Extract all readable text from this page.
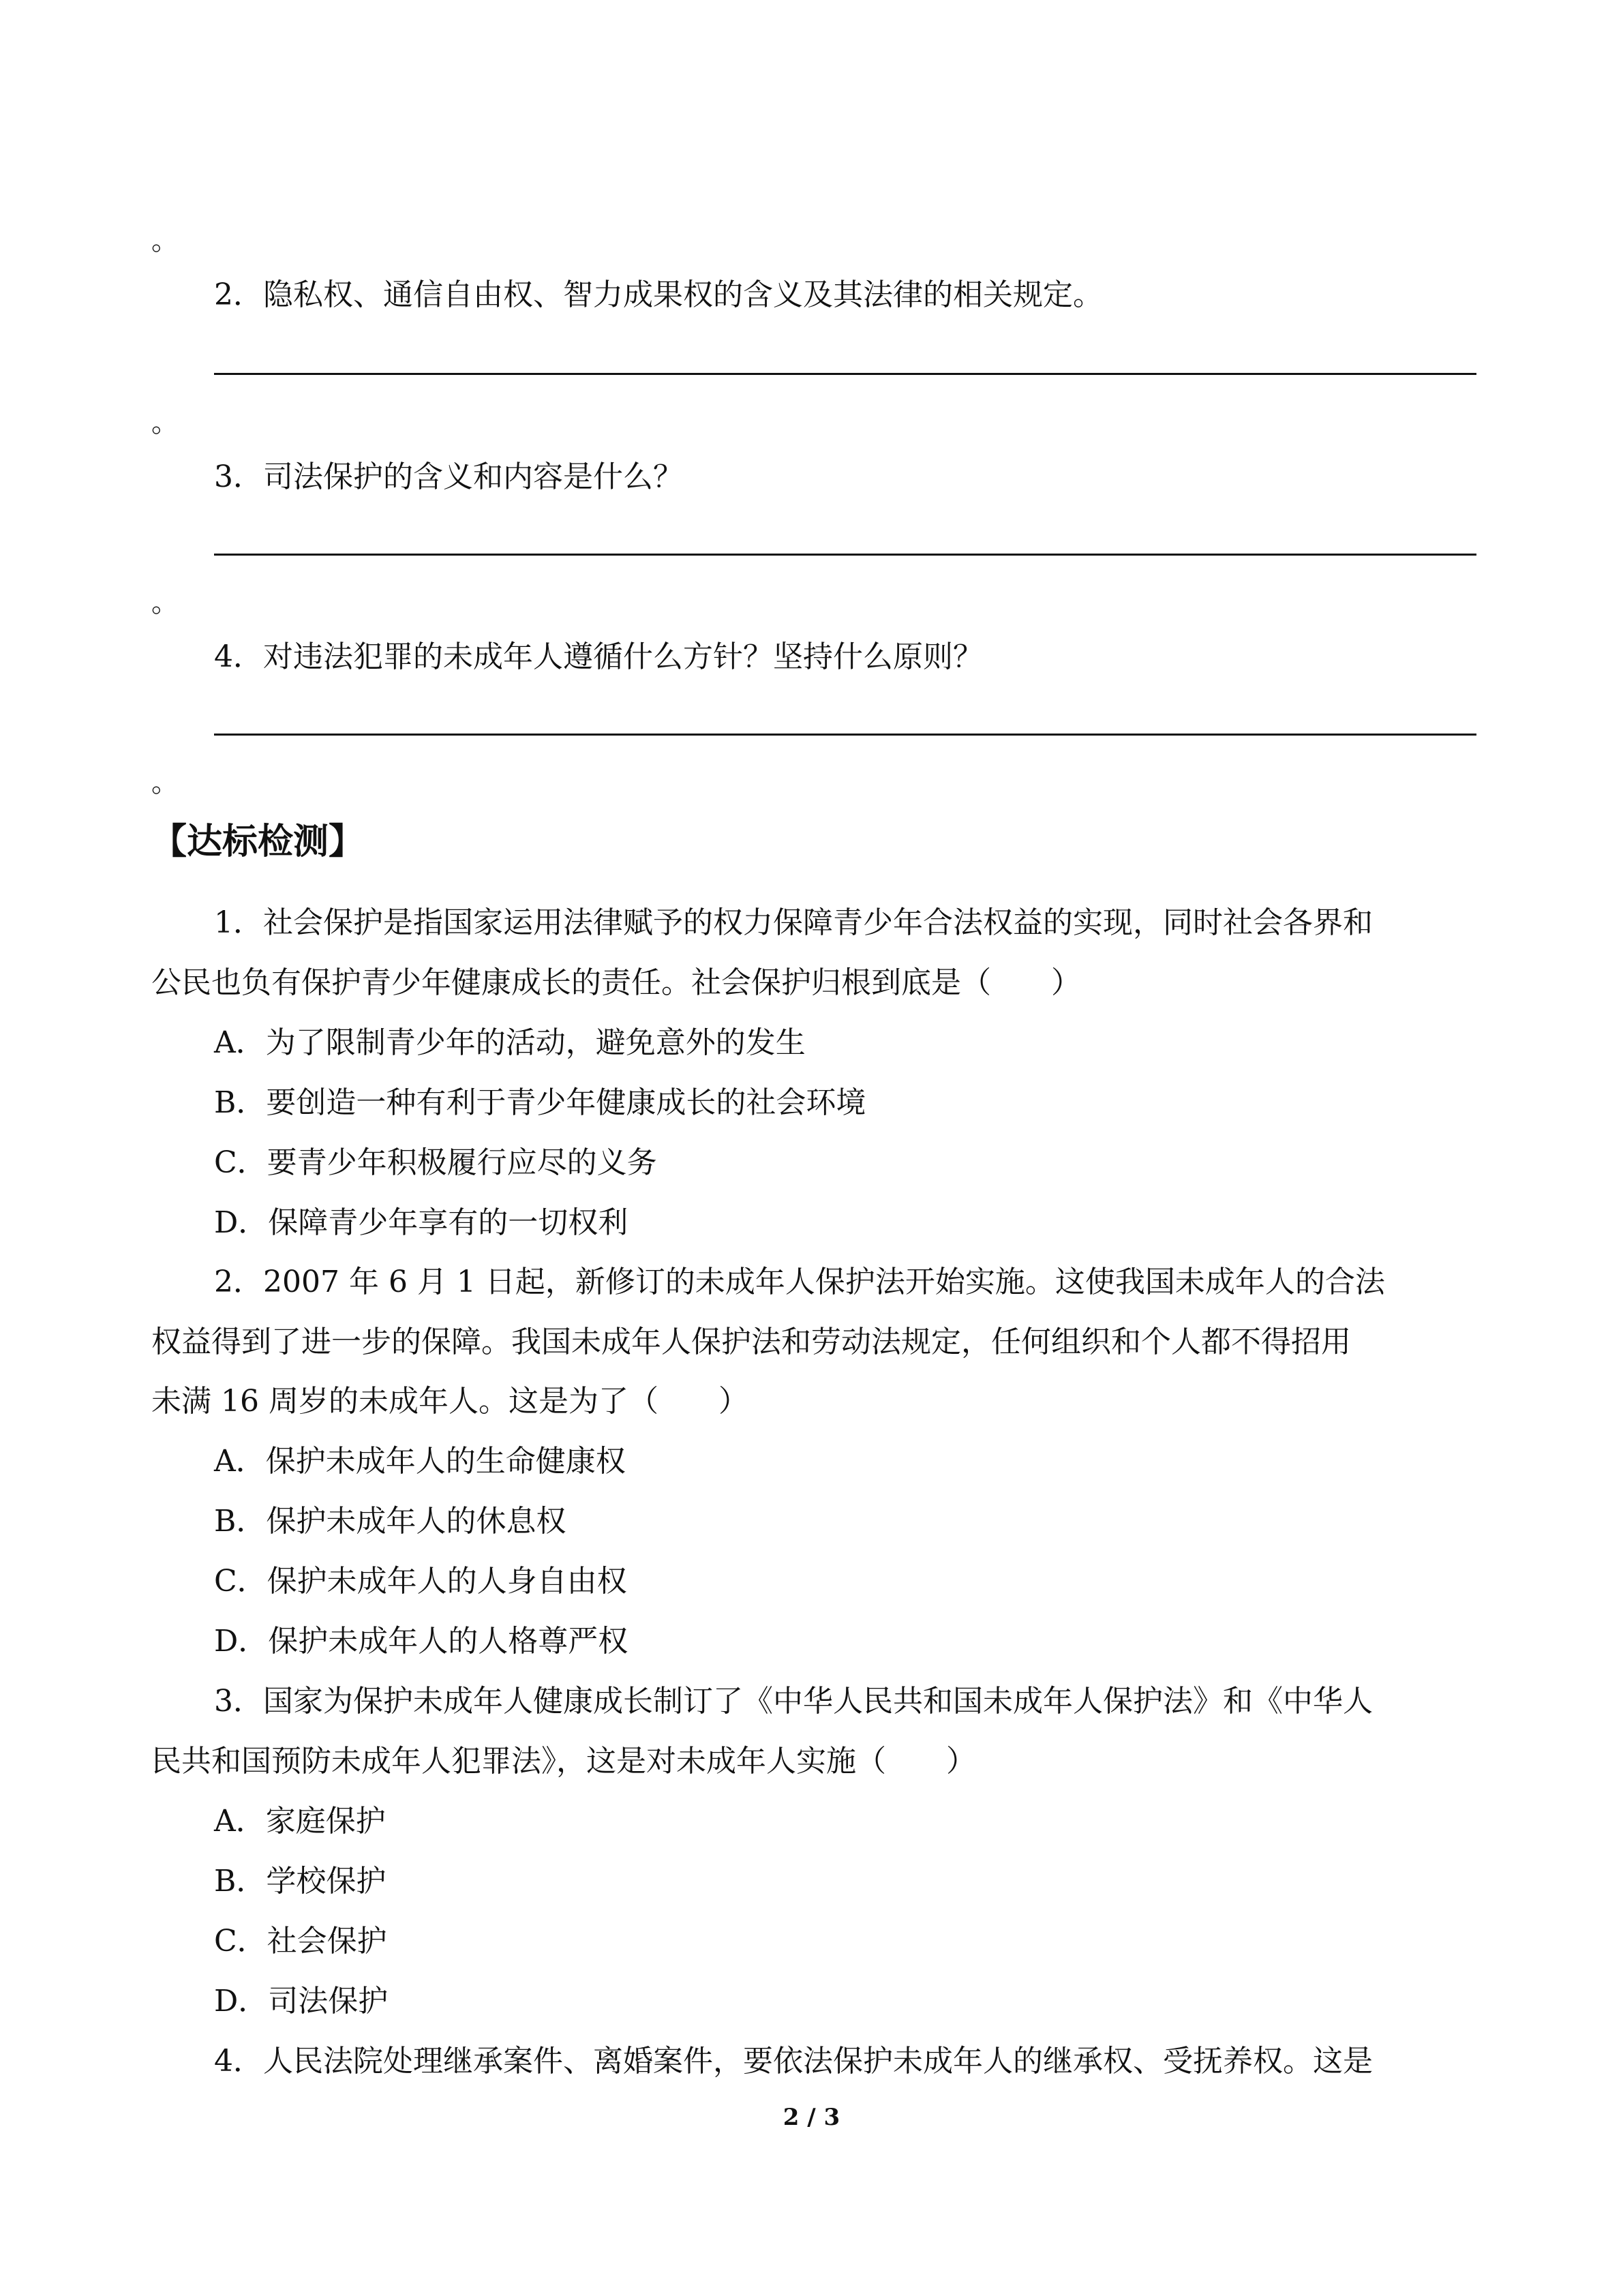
。
2．隐私权、通信自由权、智力成果权的含义及其法律的相关规定。
。
3．司法保护的含义和内容是什么？
。
4．对违法犯罪的未成年人遵循什么方针？坚持什么原则？
。
【达标检测】
1．社会保护是指国家运用法律赋予的权力保障青少年合法权益的实现，同时社会各界和
公民也负有保护青少年健康成长的责任。社会保护归根到底是（　　）
A．为了限制青少年的活动，避免意外的发生
B．要创造一种有利于青少年健康成长的社会环境
C．要青少年积极履行应尽的义务
D．保障青少年享有的一切权利
2．2007 年 6 月 1 日起，新修订的未成年人保护法开始实施。这使我国未成年人的合法
权益得到了进一步的保障。我国未成年人保护法和劳动法规定，任何组织和个人都不得招用
未满 16 周岁的未成年人。这是为了（　　）
A．保护未成年人的生命健康权
B．保护未成年人的休息权
C．保护未成年人的人身自由权
D．保护未成年人的人格尊严权
3．国家为保护未成年人健康成长制订了《中华人民共和国未成年人保护法》和《中华人
民共和国预防未成年人犯罪法》，这是对未成年人实施（　　）
A．家庭保护
B．学校保护
C．社会保护
D．司法保护
4．人民法院处理继承案件、离婚案件，要依法保护未成年人的继承权、受抚养权。这是
2 / 3
